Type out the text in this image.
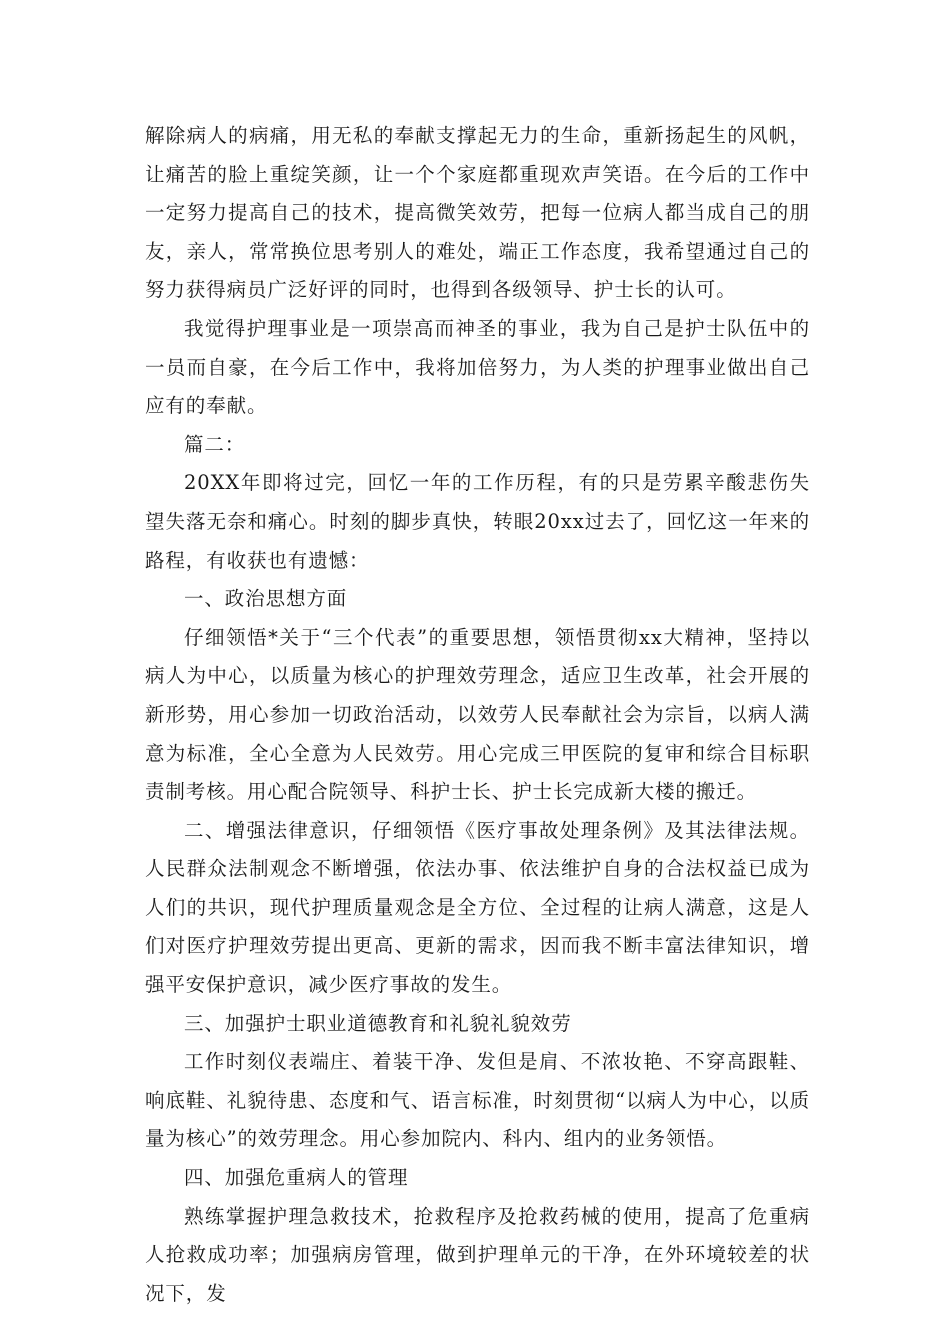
解除病人的病痛，用无私的奉献支撑起无力的生命，重新扬起生的风帆，让痛苦的脸上重绽笑颜，让一个个家庭都重现欢声笑语。在今后的工作中一定努力提高自己的技术，提高微笑效劳，把每一位病人都当成自己的朋友，亲人，常常换位思考别人的难处，端正工作态度，我希望通过自己的努力获得病员广泛好评的同时，也得到各级领导、护士长的认可。

我觉得护理事业是一项崇高而神圣的事业，我为自己是护士队伍中的一员而自豪，在今后工作中，我将加倍努力，为人类的护理事业做出自己应有的奉献。

篇二：

20XX年即将过完，回忆一年的工作历程，有的只是劳累辛酸悲伤失望失落无奈和痛心。时刻的脚步真快，转眼20xx过去了，回忆这一年来的路程，有收获也有遗憾：

一、政治思想方面

仔细领悟*关于“三个代表”的重要思想，领悟贯彻xx大精神，坚持以病人为中心，以质量为核心的护理效劳理念，适应卫生改革，社会开展的新形势，用心参加一切政治活动，以效劳人民奉献社会为宗旨，以病人满意为标准，全心全意为人民效劳。用心完成三甲医院的复审和综合目标职责制考核。用心配合院领导、科护士长、护士长完成新大楼的搬迁。

二、增强法律意识，仔细领悟《医疗事故处理条例》及其法律法规。人民群众法制观念不断增强，依法办事、依法维护自身的合法权益已成为人们的共识，现代护理质量观念是全方位、全过程的让病人满意，这是人们对医疗护理效劳提出更高、更新的需求，因而我不断丰富法律知识，增强平安保护意识，减少医疗事故的发生。

三、加强护士职业道德教育和礼貌礼貌效劳

工作时刻仪表端庄、着装干净、发但是肩、不浓妆艳、不穿高跟鞋、响底鞋、礼貌待患、态度和气、语言标准，时刻贯彻“以病人为中心，以质量为核心”的效劳理念。用心参加院内、科内、组内的业务领悟。

四、加强危重病人的管理

熟练掌握护理急救技术，抢救程序及抢救药械的使用，提高了危重病人抢救成功率；加强病房管理，做到护理单元的干净，在外环境较差的状况下，发
